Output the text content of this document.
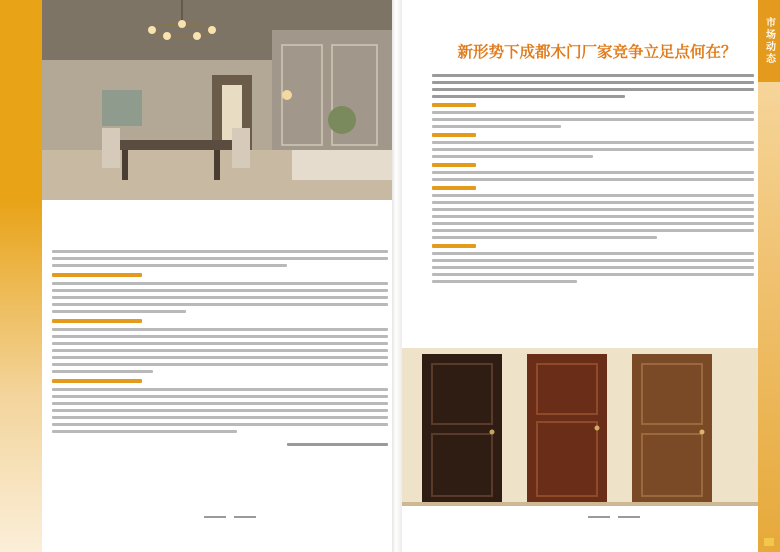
市场动态
新形势下成都木门厂家竞争立足点何在？
